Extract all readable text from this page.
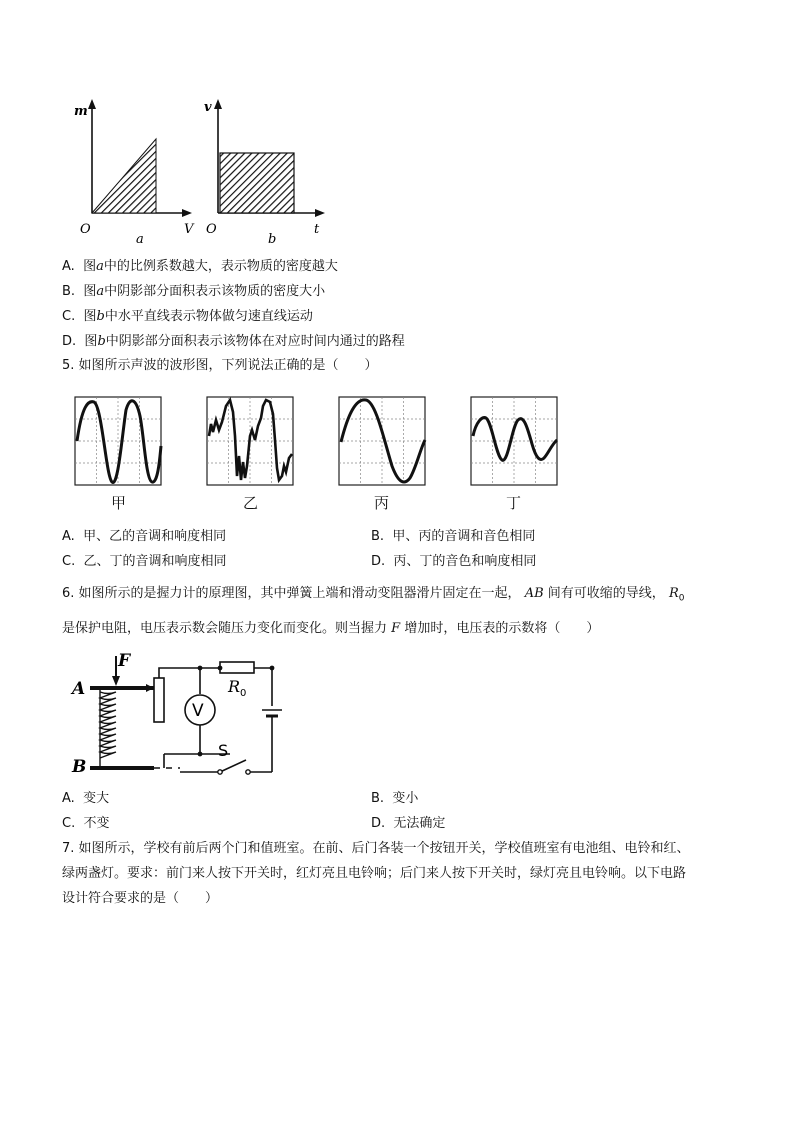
m
V
O
a
v
t
O
b
A. 图a中的比例系数越大，表示物质的密度越大
B. 图a中阴影部分面积表示该物质的密度大小
C. 图b中水平直线表示物体做匀速直线运动
D. 图b中阴影部分面积表示该物体在对应时间内通过的路程
5. 如图所示声波的波形图，下列说法正确的是（　　）
甲	乙	丙	丁
A. 甲、乙的音调和响度相同	B. 甲、丙的音调和音色相同
C. 乙、丁的音调和响度相同	D. 丙、丁的音色和响度相同
6. 如图所示的是握力计的原理图，其中弹簧上端和滑动变阻器滑片固定在一起， AB 间有可收缩的导线， $R_0$
是保护电阻，电压表示数会随压力变化而变化。则当握力 F 增加时，电压表的示数将（　　）
F
A
B
R 0
V
S
A. 变大	B. 变小
C. 不变	D. 无法确定
7. 如图所示，学校有前后两个门和值班室。在前、后门各装一个按钮开关，学校值班室有电池组、电铃和红、
绿两盏灯。要求：前门来人按下开关时，红灯亮且电铃响；后门来人按下开关时，绿灯亮且电铃响。以下电路
设计符合要求的是（　　）
